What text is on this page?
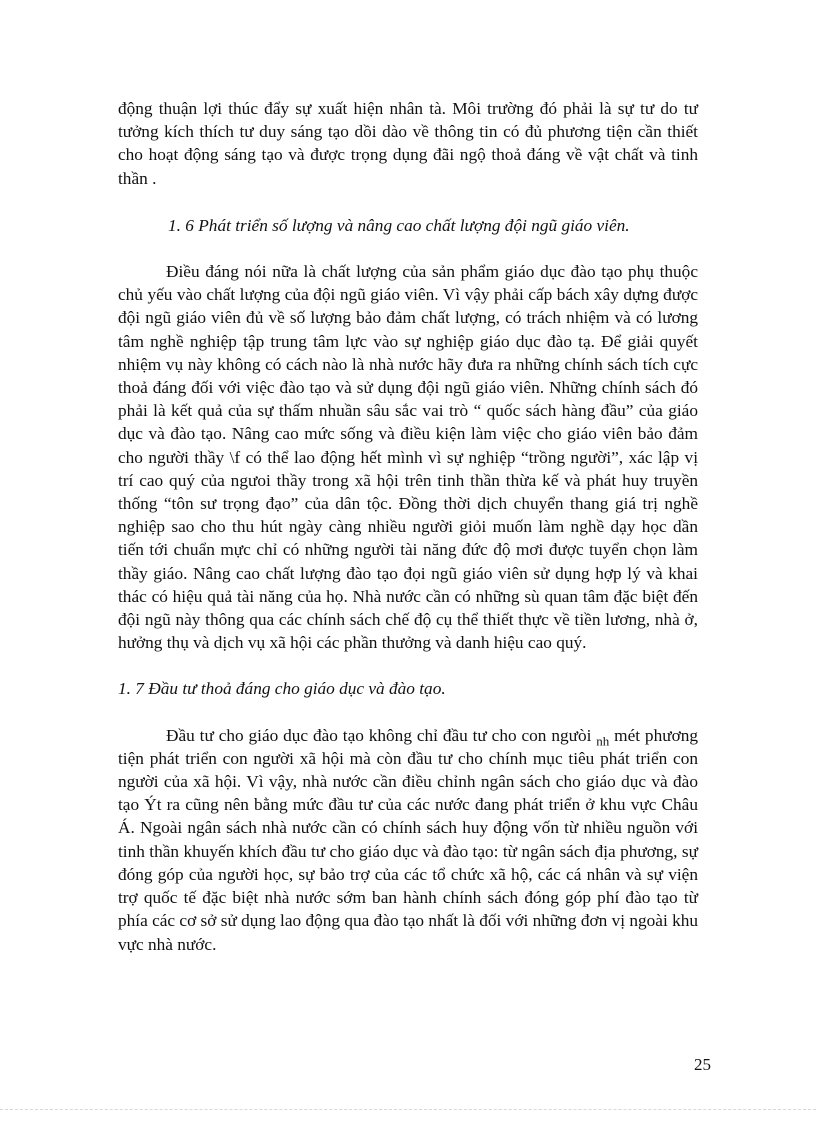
động thuận lợi thúc đẩy sự xuất hiện nhân tà. Môi trường đó phải là sự tư do tư tưởng kích thích tư duy sáng tạo dồi dào về thông tin có đủ phương tiện cần thiết cho hoạt động sáng tạo và được trọng dụng đãi ngộ thoả đáng về vật chất và tinh thần .

1. 6 Phát triển số lượng và nâng cao chất lượng đội ngũ giáo viên.

Điều đáng nói nữa là chất lượng của sản phẩm giáo dục đào tạo phụ thuộc chủ yếu vào chất lượng của đội ngũ giáo viên. Vì vậy phải cấp bách xây dựng được đội ngũ giáo viên đủ về số lượng bảo đảm chất lượng, có trách nhiệm và có lương tâm nghề nghiệp tập trung tâm lực vào sự nghiệp giáo dục đào tạ. Để giải quyết nhiệm vụ này không có cách nào là nhà nước hãy đưa ra những chính sách tích cực thoả đáng đối với việc đào tạo và sử dụng đội ngũ giáo viên. Những chính sách đó phải là kết quả của sự thấm nhuần sâu sắc vai trò “ quốc sách hàng đầu” của giáo dục và đào tạo. Nâng cao mức sống và điều kiện làm việc cho giáo viên bảo đảm cho người thầy \f có thể lao động hết mình vì sự nghiệp “trồng người”, xác lập vị trí cao quý của ngưoi thầy trong xã hội trên tinh thần thừa kế và phát huy truyền thống “tôn sư trọng đạo” của dân tộc. Đồng thời dịch chuyển thang giá trị nghề nghiệp sao cho thu hút ngày càng nhiều người giỏi muốn làm nghề dạy học dần tiến tới chuẩn mực chỉ có những người tài năng đức độ mơi được tuyển chọn làm thầy giáo. Nâng cao chất lượng đào tạo đọi ngũ giáo viên sử dụng hợp lý và khai thác có hiệu quả tài năng của họ. Nhà nước cần có những sù quan tâm đặc biệt đến đội ngũ này thông qua các chính sách chế độ cụ thể thiết thực về tiền lương, nhà ở, hưởng thụ và dịch vụ xã hội các phần thưởng và danh hiệu cao quý.

1. 7 Đầu tư thoả đáng cho giáo dục và đào tạo.

Đầu tư cho giáo dục đào tạo không chỉ đầu tư cho con ngưòi $_{nh}$ mét phương tiện phát triển con người xã hội mà còn đầu tư cho chính mục tiêu phát triển con người của xã hội. Vì vậy, nhà nước cần điều chỉnh ngân sách cho giáo dục và đào tạo Ýt ra cũng nên bằng mức đầu tư của các nước đang phát triển ở khu vực Châu Á. Ngoài ngân sách nhà nước cần có chính sách huy động vốn từ nhiều nguồn với tinh thần khuyến khích đầu tư cho giáo dục và đào tạo: từ ngân sách địa phương, sự đóng góp của người học, sự bảo trợ của các tổ chức xã hộ, các cá nhân và sự viện trợ quốc tế đặc biệt nhà nước sớm ban hành chính sách đóng góp phí đào tạo từ phía các cơ sở sử dụng lao động qua đào tạo nhất là đối với những đơn vị ngoài khu vực nhà nước.

25
